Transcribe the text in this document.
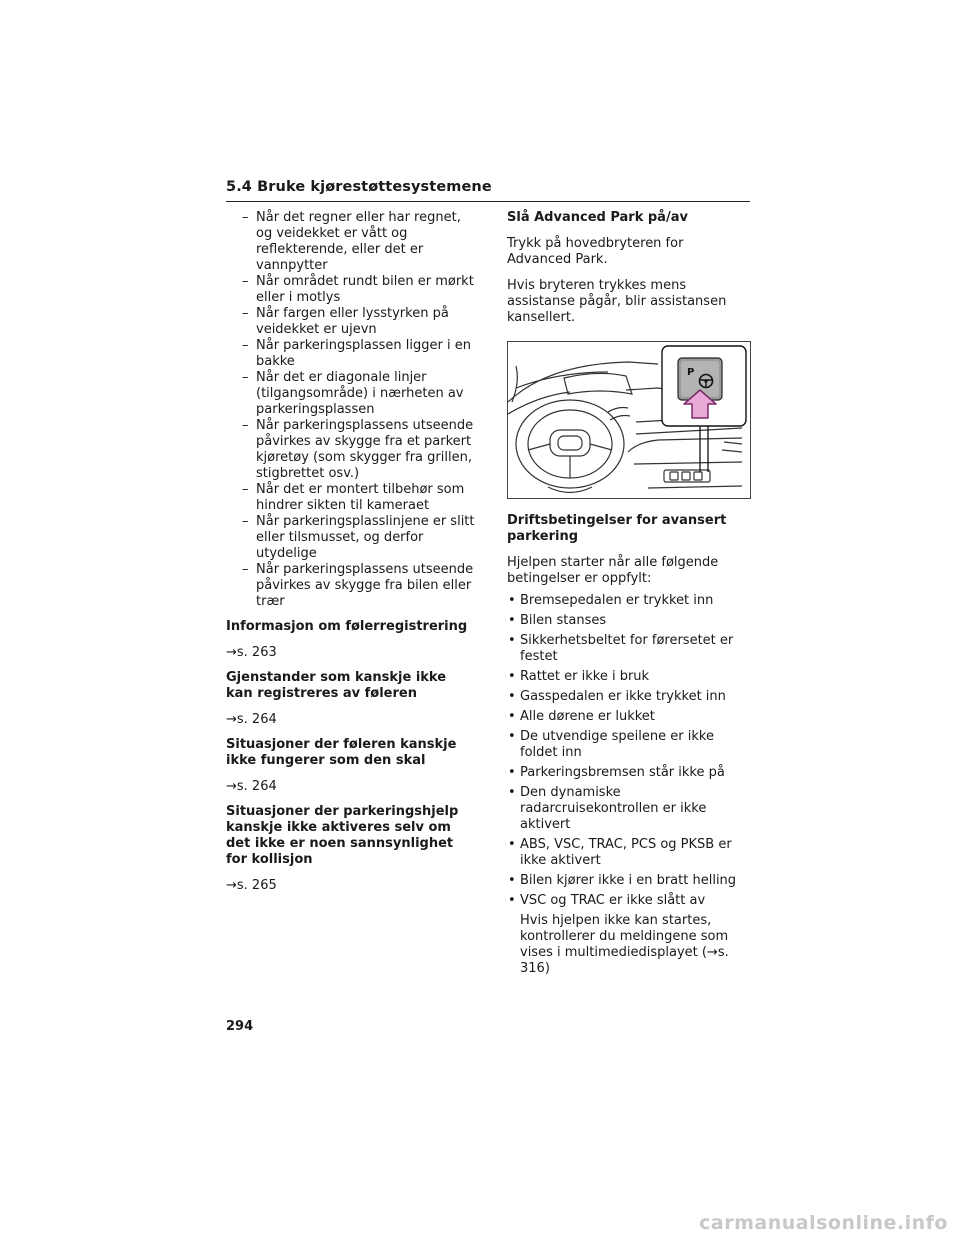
5.4 Bruke kjørestøttesystemene
– Når det regner eller har regnet, og veidekket er vått og reflekterende, eller det er vannpytter
– Når området rundt bilen er mørkt eller i motlys
– Når fargen eller lysstyrken på veidekket er ujevn
– Når parkeringsplassen ligger i en bakke
– Når det er diagonale linjer (tilgangsområde) i nærheten av parkeringsplassen
– Når parkeringsplassens utseende påvirkes av skygge fra et parkert kjøretøy (som skygger fra grillen, stigbrettet osv.)
– Når det er montert tilbehør som hindrer sikten til kameraet
– Når parkeringsplasslinjene er slitt eller tilsmusset, og derfor utydelige
– Når parkeringsplassens utseende påvirkes av skygge fra bilen eller trær

Informasjon om følerregistrering

→s. 263

Gjenstander som kanskje ikke kan registreres av føleren

→s. 264

Situasjoner der føleren kanskje ikke fungerer som den skal

→s. 264

Situasjoner der parkeringshjelp kanskje ikke aktiveres selv om det ikke er noen sannsynlighet for kollisjon

→s. 265

Slå Advanced Park på/av

Trykk på hovedbryteren for Advanced Park.

Hvis bryteren trykkes mens assistanse pågår, blir assistansen kansellert.

P

Driftsbetingelser for avansert parkering

Hjelpen starter når alle følgende betingelser er oppfylt:

• Bremsepedalen er trykket inn
• Bilen stanses
• Sikkerhetsbeltet for førersetet er festet
• Rattet er ikke i bruk
• Gasspedalen er ikke trykket inn
• Alle dørene er lukket
• De utvendige speilene er ikke foldet inn
• Parkeringsbremsen står ikke på
• Den dynamiske radarcruisekontrollen er ikke aktivert
• ABS, VSC, TRAC, PCS og PKSB er ikke aktivert
• Bilen kjører ikke i en bratt helling
• VSC og TRAC er ikke slått av

Hvis hjelpen ikke kan startes, kontrollerer du meldingene som vises i multimediedisplayet (→s. 316)

294
carmanualsonline.info
